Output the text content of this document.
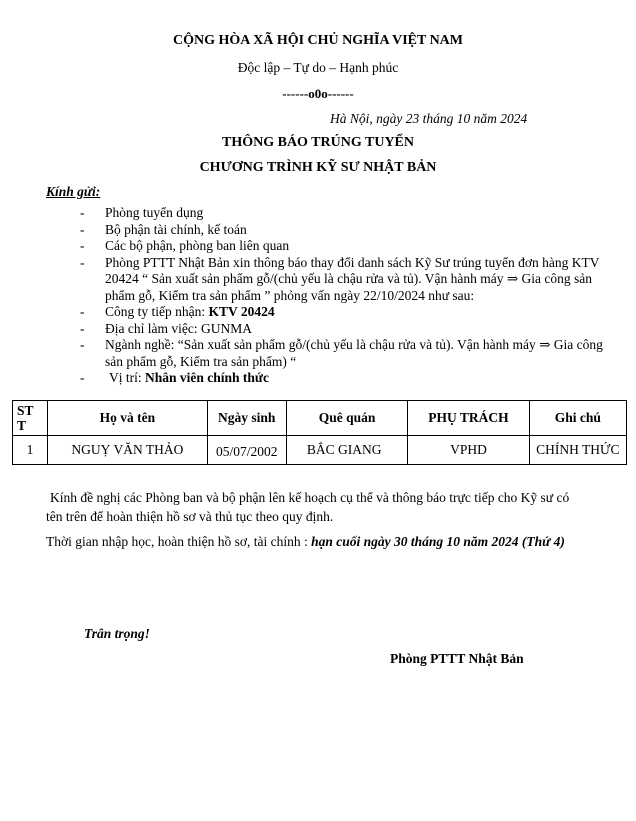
CỘNG HÒA XÃ HỘI CHỦ NGHĨA VIỆT NAM
Độc lập – Tự do – Hạnh phúc
------o0o------
Hà Nội, ngày 23 tháng 10 năm 2024
THÔNG BÁO TRÚNG TUYỂN
CHƯƠNG TRÌNH KỸ SƯ NHẬT BẢN
Kính gửi:

- Phòng tuyển dụng

- Bộ phận tài chính, kế toán

- Các bộ phận, phòng ban liên quan

- Phòng PTTT Nhật Bản xin thông báo thay đổi danh sách Kỹ Sư trúng tuyển đơn hàng KTV 20424 “ Sản xuất sản phẩm gỗ/(chủ yếu là chậu rửa và tủ). Vận hành máy ⇒ Gia công sản phẩm gỗ, Kiểm tra sản phẩm ” phỏng vấn ngày 22/10/2024 như sau:

- Công ty tiếp nhận: KTV 20424

- Địa chỉ làm việc: GUNMA

- Ngành nghề: “Sản xuất sản phẩm gỗ/(chủ yếu là chậu rửa và tủ). Vận hành máy ⇒ Gia công sản phẩm gỗ, Kiểm tra sản phẩm) “

- Vị trí: Nhân viên chính thức

ST T	Họ và tên	Ngày sinh	Quê quán	PHỤ TRÁCH	Ghi chú
1	NGUỴ VĂN THẢO	05/07/2002	BẮC GIANG	VPHD	CHÍNH THỨC
Kính đề nghị các Phòng ban và bộ phận lên kế hoạch cụ thể và thông báo trực tiếp cho Kỹ sư có
tên trên để hoàn thiện hồ sơ và thủ tục theo quy định.
Thời gian nhập học, hoàn thiện hồ sơ, tài chính : hạn cuối ngày 30 tháng 10 năm 2024 (Thứ 4)
Trân trọng!
Phòng PTTT Nhật Bản
